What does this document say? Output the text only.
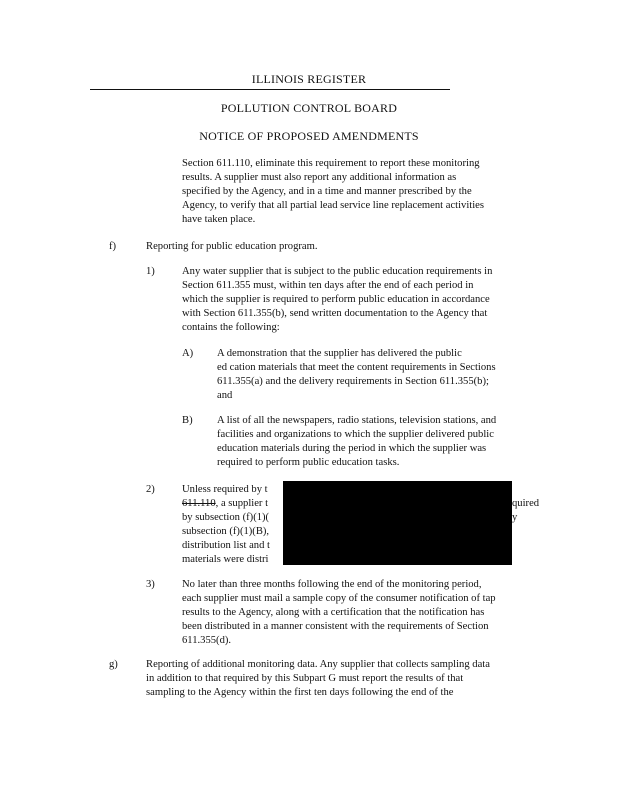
ILLINOIS REGISTER
POLLUTION CONTROL BOARD
NOTICE OF PROPOSED AMENDMENTS
Section 611.110, eliminate this requirement to report these monitoring
results. A supplier must also report any additional information as
specified by the Agency, and in a time and manner prescribed by the
Agency, to verify that all partial lead service line replacement activities
have taken place.
f)	Reporting for public education program.
1)	Any water supplier that is subject to the public education requirements in
Section 611.355 must, within ten days after the end of each period in
which the supplier is required to perform public education in accordance
with Section 611.355(b), send written documentation to the Agency that
contains the following:
A) A demonstration that the supplier has delivered the public
ed cation materials that meet the content requirements in Sections
611.355(a) and the delivery requirements in Section 611.355(b);
and
B) A list of all the newspapers, radio stations, television stations, and
facilities and organizations to which the supplier delivered public
education materials during the period in which the supplier was
required to perform public education tasks.
2)	Unless required by t
611.110, a supplier t
by subsection (f)(1)(
subsection (f)(1)(B),
distribution list and t
materials were distri
quired
y
3)	No later than three months following the end of the monitoring period,
each supplier must mail a sample copy of the consumer notification of tap
results to the Agency, along with a certification that the notification has
been distributed in a manner consistent with the requirements of Section
611.355(d).
g)	Reporting of additional monitoring data. Any supplier that collects sampling data
in addition to that required by this Subpart G must report the results of that
sampling to the Agency within the first ten days following the end of the
